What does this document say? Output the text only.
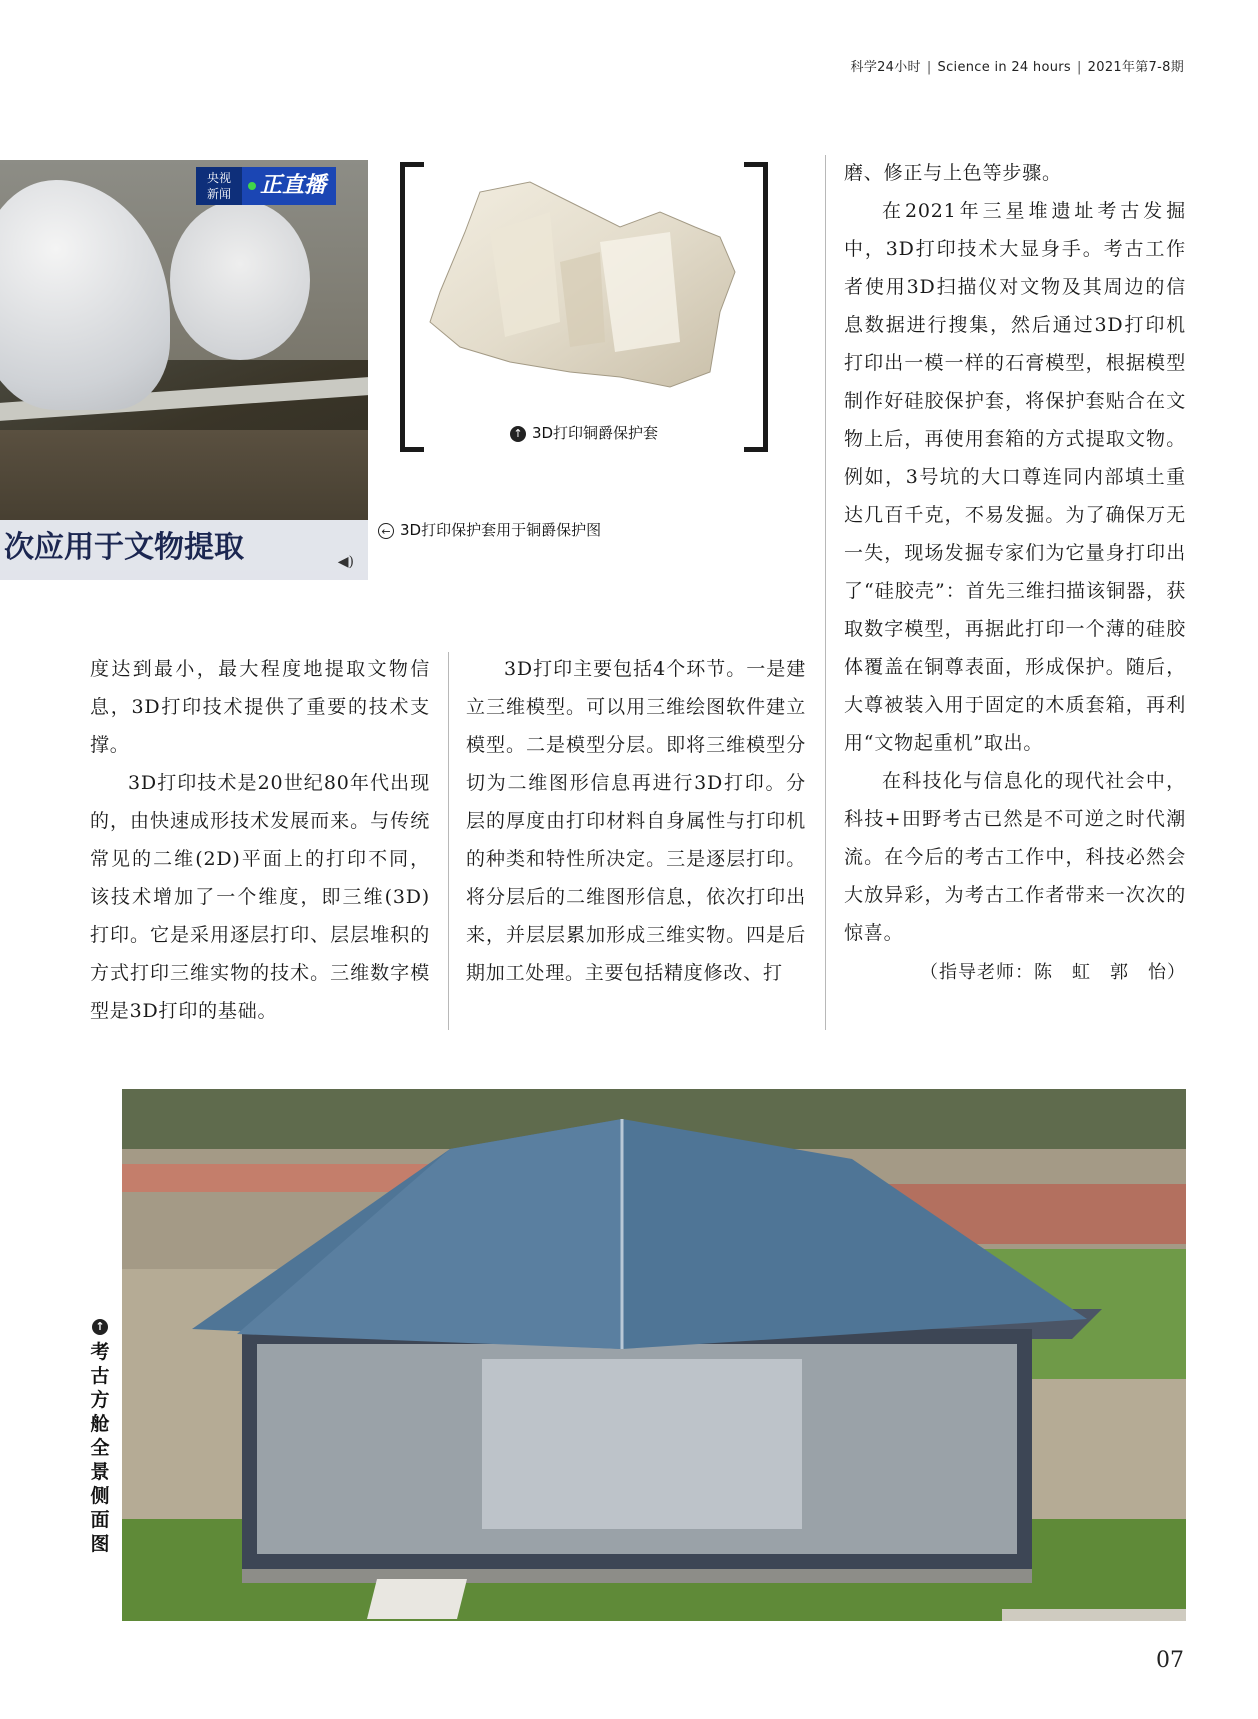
科学24小时 | Science in 24 hours | 2021年第7-8期
央视
新闻	正直播
次应用于文物提取	◀)
↑ 3D打印铜爵保护套
← 3D打印保护套用于铜爵保护图

度达到最小，最大程度地提取文物信息，3D打印技术提供了重要的技术支撑。

3D打印技术是20世纪80年代出现的，由快速成形技术发展而来。与传统常见的二维(2D)平面上的打印不同，该技术增加了一个维度，即三维(3D)打印。它是采用逐层打印、层层堆积的方式打印三维实物的技术。三维数字模型是3D打印的基础。

3D打印主要包括4个环节。一是建立三维模型。可以用三维绘图软件建立模型。二是模型分层。即将三维模型分切为二维图形信息再进行3D打印。分层的厚度由打印材料自身属性与打印机的种类和特性所决定。三是逐层打印。将分层后的二维图形信息，依次打印出来，并层层累加形成三维实物。四是后期加工处理。主要包括精度修改、打

磨、修正与上色等步骤。

在2021年三星堆遗址考古发掘中，3D打印技术大显身手。考古工作者使用3D扫描仪对文物及其周边的信息数据进行搜集，然后通过3D打印机打印出一模一样的石膏模型，根据模型制作好硅胶保护套，将保护套贴合在文物上后，再使用套箱的方式提取文物。例如，3号坑的大口尊连同内部填土重达几百千克，不易发掘。为了确保万无一失，现场发掘专家们为它量身打印出了“硅胶壳”：首先三维扫描该铜器，获取数字模型，再据此打印一个薄的硅胶体覆盖在铜尊表面，形成保护。随后，大尊被装入用于固定的木质套箱，再利用“文物起重机”取出。

在科技化与信息化的现代社会中，科技+田野考古已然是不可逆之时代潮流。在今后的考古工作中，科技必然会大放异彩，为考古工作者带来一次次的惊喜。

（指导老师：陈　虹　郭　怡）
↑
考古方舱全景侧面图
07
